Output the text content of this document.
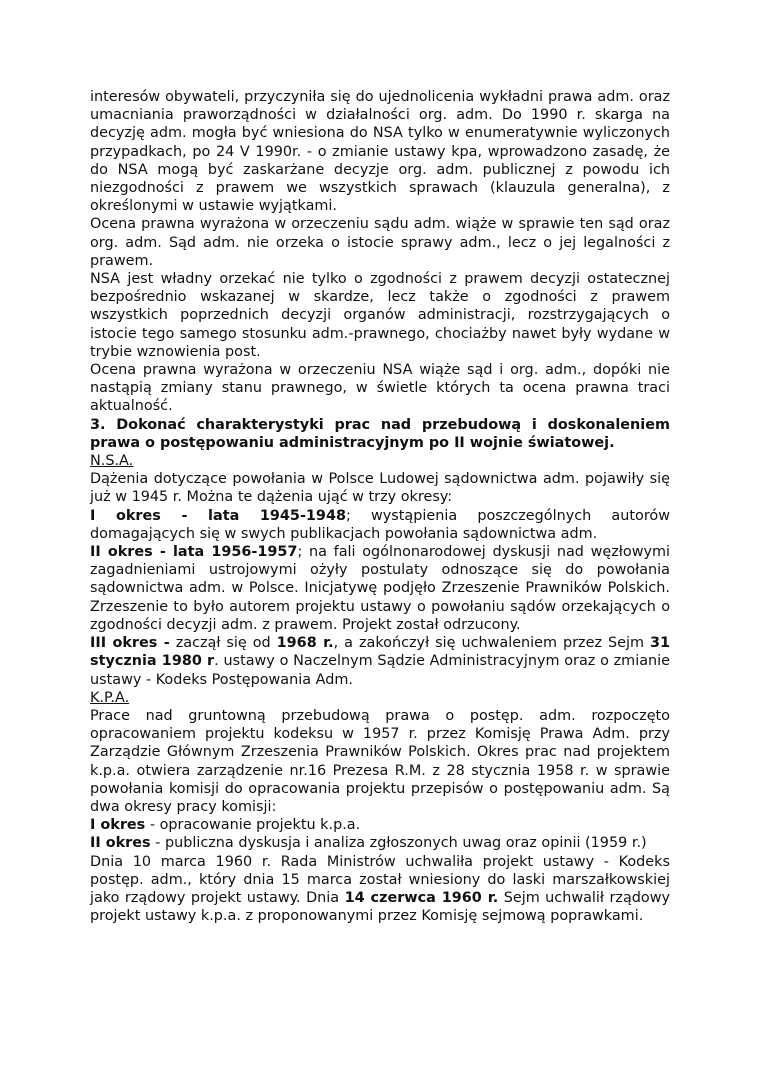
interesów obywateli, przyczyniła się do ujednolicenia wykładni prawa adm. oraz umacniania praworządności w działalności org. adm. Do 1990 r. skarga na decyzję adm. mogła być wniesiona do NSA tylko w enumeratywnie wyliczonych przypadkach, po 24 V 1990r. - o zmianie ustawy kpa, wprowadzono zasadę, że do NSA mogą być zaskarżane decyzje org. adm. publicznej z powodu ich niezgodności z prawem we wszystkich sprawach (klauzula generalna), z określonymi w ustawie wyjątkami.

Ocena prawna wyrażona w orzeczeniu sądu adm. wiąże w sprawie ten sąd oraz org. adm. Sąd adm. nie orzeka o istocie sprawy adm., lecz o jej legalności z prawem.

NSA jest władny orzekać nie tylko o zgodności z prawem decyzji ostatecznej bezpośrednio wskazanej w skardze, lecz także o zgodności z prawem wszystkich poprzednich decyzji organów administracji, rozstrzygających o istocie tego samego stosunku adm.-prawnego, chociażby nawet były wydane w trybie wznowienia post.

Ocena prawna wyrażona w orzeczeniu NSA wiąże sąd i org. adm., dopóki nie nastąpią zmiany stanu prawnego, w świetle których ta ocena prawna traci aktualność.

3. Dokonać charakterystyki prac nad przebudową i doskonaleniem prawa o postępowaniu administracyjnym po II wojnie światowej.

N.S.A.

Dążenia dotyczące powołania w Polsce Ludowej sądownictwa adm. pojawiły się już w 1945 r. Można te dążenia ująć w trzy okresy:

I okres - lata 1945-1948; wystąpienia poszczególnych autorów domagających się w swych publikacjach powołania sądownictwa adm.

II okres - lata 1956-1957; na fali ogólnonarodowej dyskusji nad węzłowymi zagadnieniami ustrojowymi ożyły postulaty odnoszące się do powołania sądownictwa adm. w Polsce. Inicjatywę podjęło Zrzeszenie Prawników Polskich. Zrzeszenie to było autorem projektu ustawy o powołaniu sądów orzekających o zgodności decyzji adm. z prawem. Projekt został odrzucony.

III okres - zaczął się od 1968 r., a zakończył się uchwaleniem przez Sejm 31 stycznia 1980 r. ustawy o Naczelnym Sądzie Administracyjnym oraz o zmianie ustawy - Kodeks Postępowania Adm.

K.P.A.

Prace nad gruntowną przebudową prawa o postęp. adm. rozpoczęto opracowaniem projektu kodeksu w 1957 r. przez Komisję Prawa Adm. przy Zarządzie Głównym Zrzeszenia Prawników Polskich. Okres prac nad projektem k.p.a. otwiera zarządzenie nr.16 Prezesa R.M. z 28 stycznia 1958 r. w sprawie powołania komisji do opracowania projektu przepisów o postępowaniu adm. Są dwa okresy pracy komisji:

I okres - opracowanie projektu k.p.a.

II okres - publiczna dyskusja i analiza zgłoszonych uwag oraz opinii (1959 r.)

Dnia 10 marca 1960 r. Rada Ministrów uchwaliła projekt ustawy - Kodeks postęp. adm., który dnia 15 marca został wniesiony do laski marszałkowskiej jako rządowy projekt ustawy. Dnia 14 czerwca 1960 r. Sejm uchwalił rządowy projekt ustawy k.p.a. z proponowanymi przez Komisję sejmową poprawkami.
